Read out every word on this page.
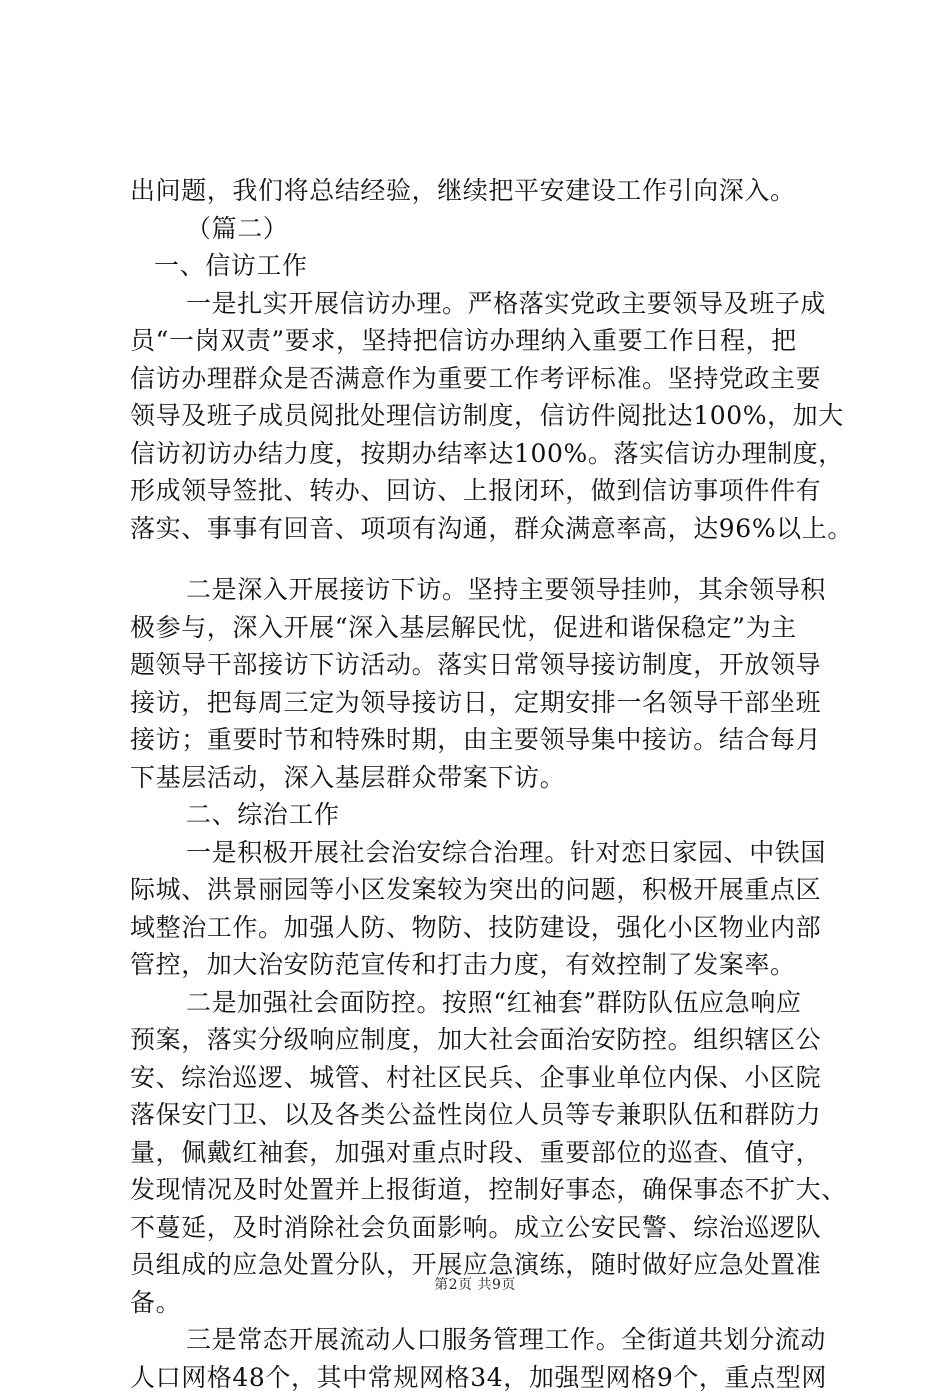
出问题，我们将总结经验，继续把平安建设工作引向深入。
（篇二）
一、信访工作
一是扎实开展信访办理。严格落实党政主要领导及班子成
员“一岗双责”要求，坚持把信访办理纳入重要工作日程，把
信访办理群众是否满意作为重要工作考评标准。坚持党政主要
领导及班子成员阅批处理信访制度，信访件阅批达100%，加大
信访初访办结力度，按期办结率达100%。落实信访办理制度，
形成领导签批、转办、回访、上报闭环，做到信访事项件件有
落实、事事有回音、项项有沟通，群众满意率高，达96%以上。
二是深入开展接访下访。坚持主要领导挂帅，其余领导积
极参与，深入开展“深入基层解民忧，促进和谐保稳定”为主
题领导干部接访下访活动。落实日常领导接访制度，开放领导
接访，把每周三定为领导接访日，定期安排一名领导干部坐班
接访；重要时节和特殊时期，由主要领导集中接访。结合每月
下基层活动，深入基层群众带案下访。
二、综治工作
一是积极开展社会治安综合治理。针对恋日家园、中铁国
际城、洪景丽园等小区发案较为突出的问题，积极开展重点区
域整治工作。加强人防、物防、技防建设，强化小区物业内部
管控，加大治安防范宣传和打击力度，有效控制了发案率。
二是加强社会面防控。按照“红袖套”群防队伍应急响应
预案，落实分级响应制度，加大社会面治安防控。组织辖区公
安、综治巡逻、城管、村社区民兵、企事业单位内保、小区院
落保安门卫、以及各类公益性岗位人员等专兼职队伍和群防力
量，佩戴红袖套，加强对重点时段、重要部位的巡查、值守，
发现情况及时处置并上报街道，控制好事态，确保事态不扩大、
不蔓延，及时消除社会负面影响。成立公安民警、综治巡逻队
员组成的应急处置分队，开展应急演练，随时做好应急处置准
备。
三是常态开展流动人口服务管理工作。全街道共划分流动
人口网格48个，其中常规网格34，加强型网格9个，重点型网
第2页 共9页
